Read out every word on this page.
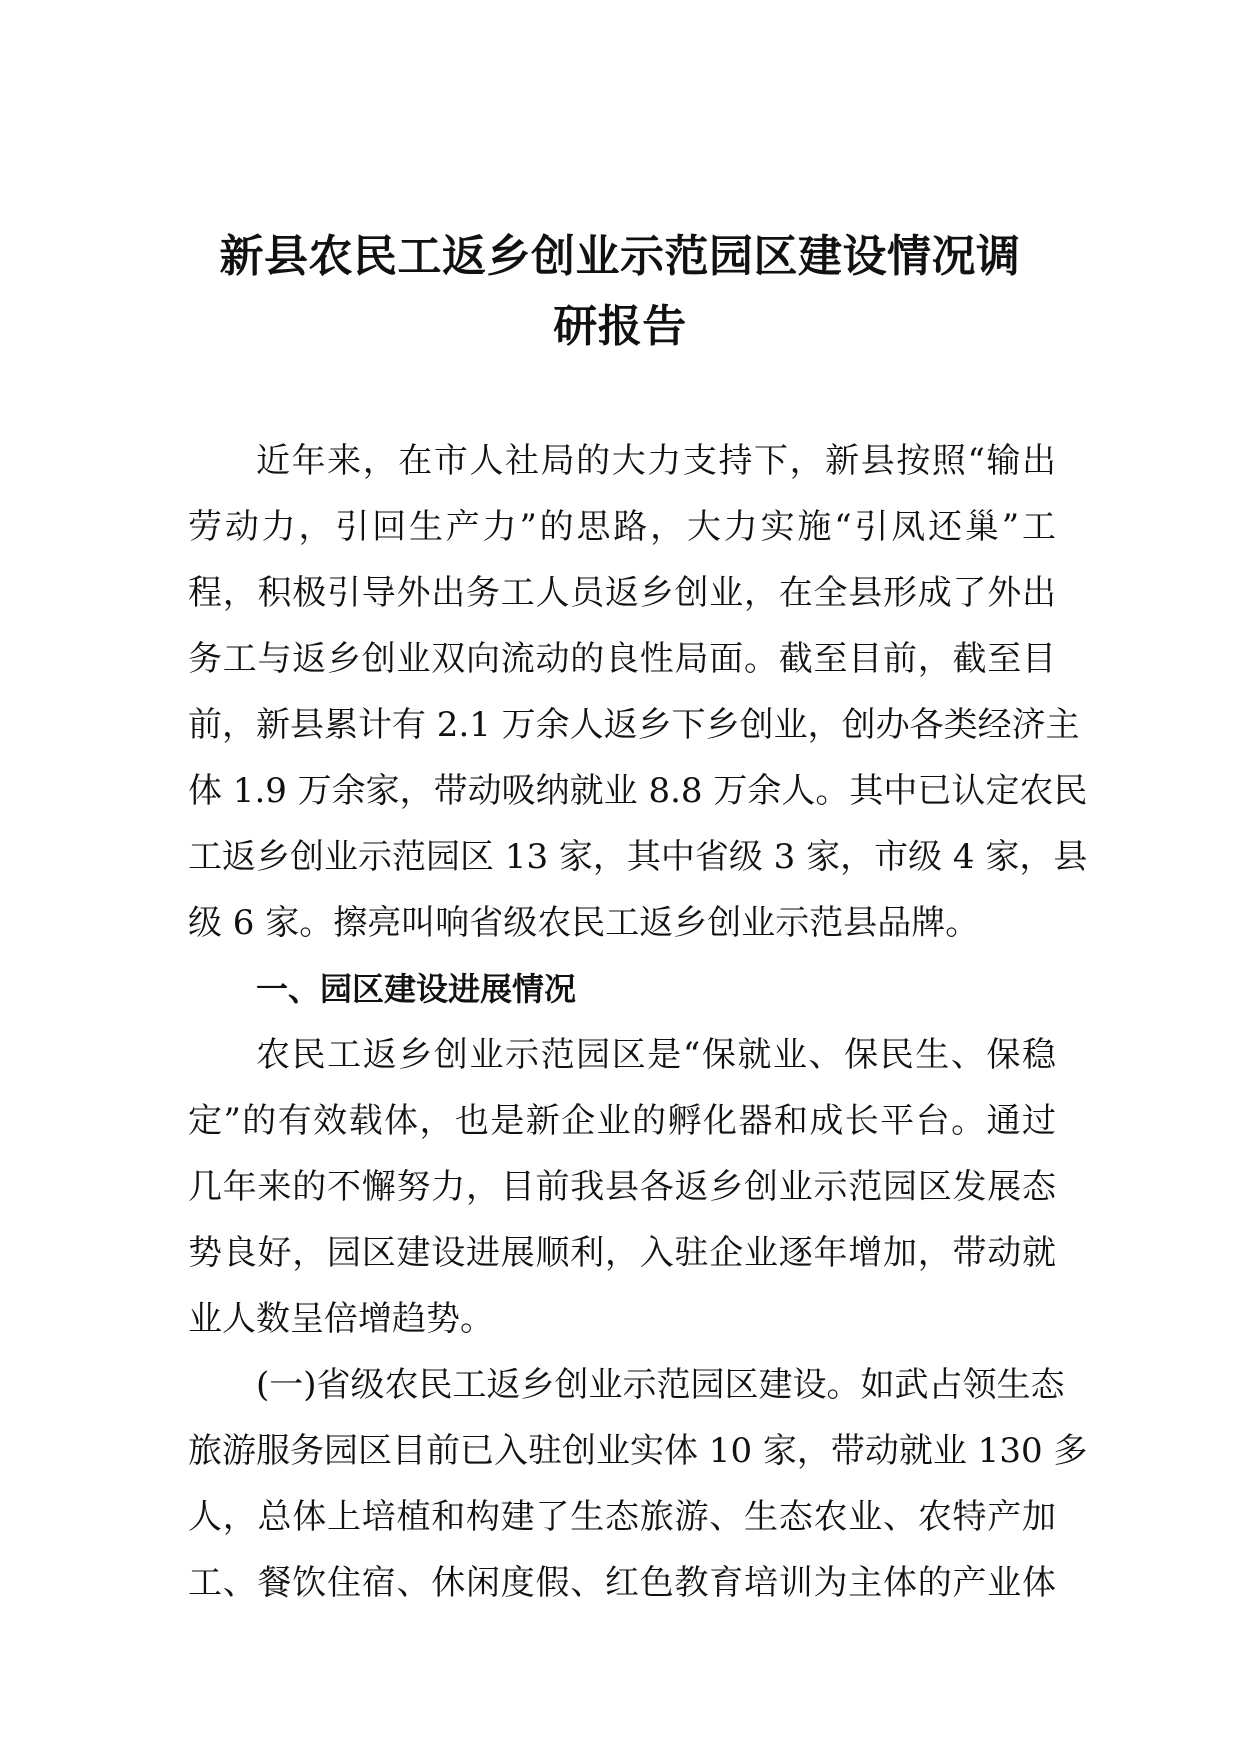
新县农民工返乡创业示范园区建设情况调
研报告
近年来，在市人社局的大力支持下，新县按照“输出
劳动力，引回生产力”的思路，大力实施“引凤还巢”工
程，积极引导外出务工人员返乡创业，在全县形成了外出
务工与返乡创业双向流动的良性局面。截至目前，截至目
前，新县累计有 2.1 万余人返乡下乡创业，创办各类经济主
体 1.9 万余家，带动吸纳就业 8.8 万余人。其中已认定农民
工返乡创业示范园区 13 家，其中省级 3 家，市级 4 家，县
级 6 家。擦亮叫响省级农民工返乡创业示范县品牌。
一、园区建设进展情况
农民工返乡创业示范园区是“保就业、保民生、保稳
定”的有效载体，也是新企业的孵化器和成长平台。通过
几年来的不懈努力，目前我县各返乡创业示范园区发展态
势良好，园区建设进展顺利，入驻企业逐年增加，带动就
业人数呈倍增趋势。
(一)省级农民工返乡创业示范园区建设。如武占领生态
旅游服务园区目前已入驻创业实体 10 家，带动就业 130 多
人，总体上培植和构建了生态旅游、生态农业、农特产加
工、餐饮住宿、休闲度假、红色教育培训为主体的产业体
